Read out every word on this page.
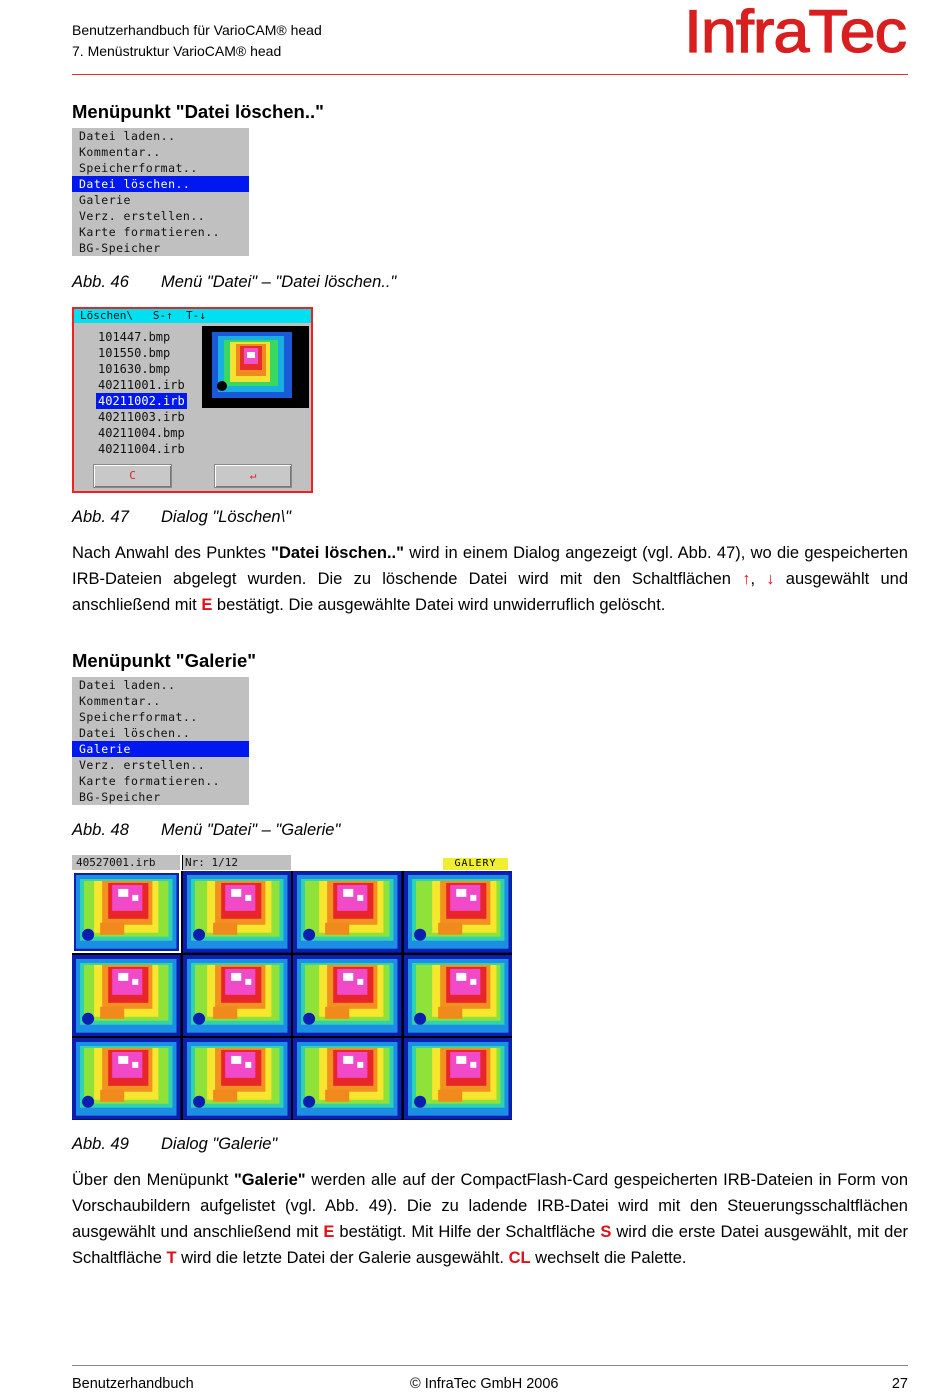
Benutzerhandbuch für VarioCAM® head
7. Menüstruktur VarioCAM® head	InfraTec
Menüpunkt "Datei löschen.."
Datei laden..
Kommentar..
Speicherformat..
Datei löschen..
Galerie
Verz. erstellen..
Karte formatieren..
BG-Speicher
Abb. 46 Menü "Datei" – "Datei löschen.."
Löschen\   S-↑ T-↓
101447.bmp
101550.bmp
101630.bmp
40211001.irb
40211002.irb
40211003.irb
40211004.bmp
40211004.irb
C	↵
Abb. 47 Dialog "Löschen\"
Nach Anwahl des Punktes "Datei löschen.." wird in einem Dialog angezeigt (vgl. Abb. 47), wo die gespeicherten IRB-Dateien abgelegt wurden. Die zu löschende Datei wird mit den Schaltflächen ↑, ↓ ausgewählt und anschließend mit E bestätigt. Die ausgewählte Datei wird unwiderruflich gelöscht.
Menüpunkt "Galerie"
Datei laden..
Kommentar..
Speicherformat..
Datei löschen..
Galerie
Verz. erstellen..
Karte formatieren..
BG-Speicher
Abb. 48 Menü "Datei" – "Galerie"
40527001.irb	Nr: 1/12	GALERY
Abb. 49 Dialog "Galerie"
Über den Menüpunkt "Galerie" werden alle auf der CompactFlash-Card gespeicherten IRB-Dateien in Form von Vorschaubildern aufgelistet (vgl. Abb. 49). Die zu ladende IRB-Datei wird mit den Steuerungsschaltflächen ausgewählt und anschließend mit E bestätigt. Mit Hilfe der Schaltfläche S wird die erste Datei ausgewählt, mit der Schaltfläche T wird die letzte Datei der Galerie ausgewählt. CL wechselt die Palette.
Benutzerhandbuch	© InfraTec GmbH 2006	27
